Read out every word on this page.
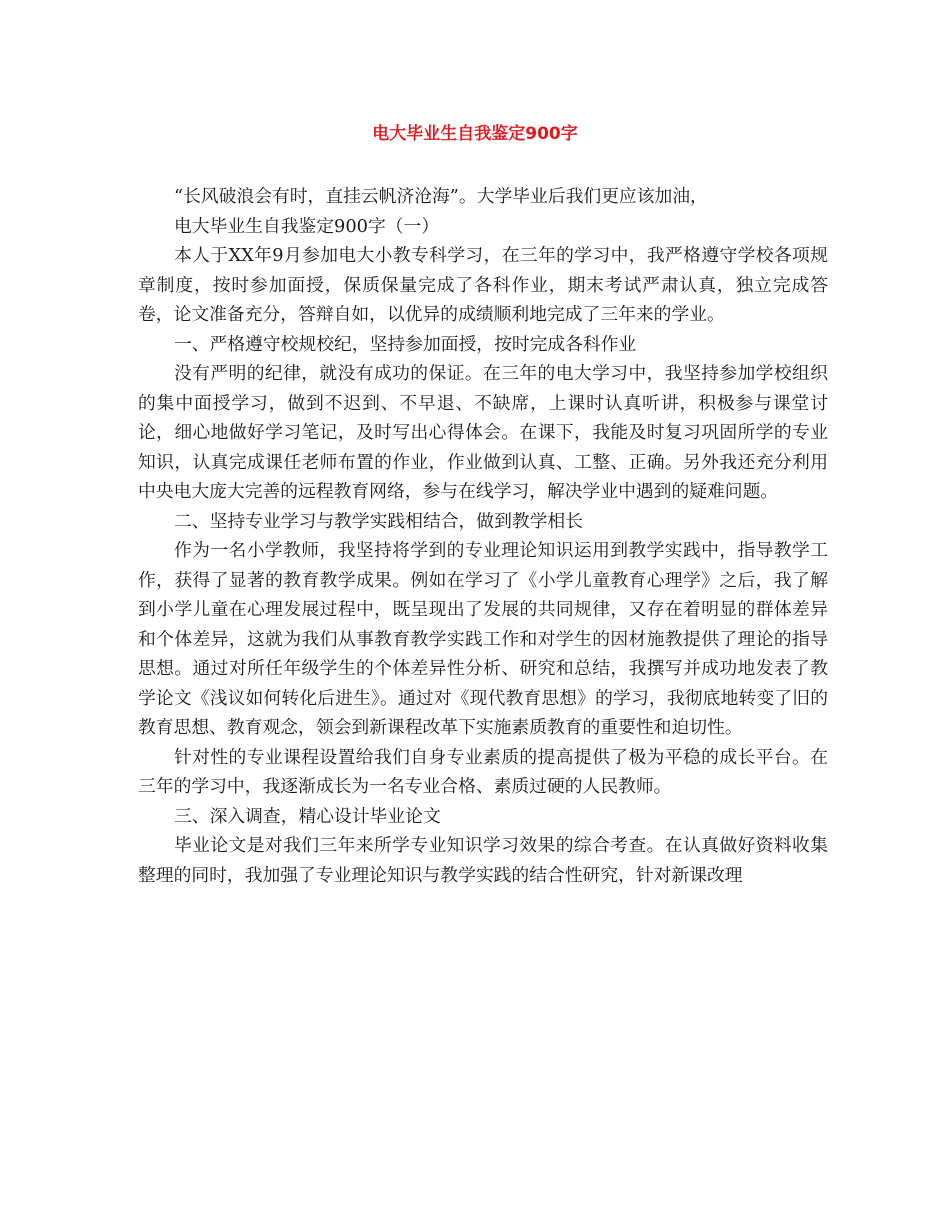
电大毕业生自我鉴定900字

“长风破浪会有时，直挂云帆济沧海”。大学毕业后我们更应该加油，

电大毕业生自我鉴定900字（一）

本人于XX年9月参加电大小教专科学习，在三年的学习中，我严格遵守学校各项规章制度，按时参加面授，保质保量完成了各科作业，期末考试严肃认真，独立完成答卷，论文准备充分，答辩自如，以优异的成绩顺利地完成了三年来的学业。

一、严格遵守校规校纪，坚持参加面授，按时完成各科作业

没有严明的纪律，就没有成功的保证。在三年的电大学习中，我坚持参加学校组织的集中面授学习，做到不迟到、不早退、不缺席，上课时认真听讲，积极参与课堂讨论，细心地做好学习笔记，及时写出心得体会。在课下，我能及时复习巩固所学的专业知识，认真完成课任老师布置的作业，作业做到认真、工整、正确。另外我还充分利用中央电大庞大完善的远程教育网络，参与在线学习，解决学业中遇到的疑难问题。

二、坚持专业学习与教学实践相结合，做到教学相长

作为一名小学教师，我坚持将学到的专业理论知识运用到教学实践中，指导教学工作，获得了显著的教育教学成果。例如在学习了《小学儿童教育心理学》之后，我了解到小学儿童在心理发展过程中，既呈现出了发展的共同规律，又存在着明显的群体差异和个体差异，这就为我们从事教育教学实践工作和对学生的因材施教提供了理论的指导思想。通过对所任年级学生的个体差异性分析、研究和总结，我撰写并成功地发表了教学论文《浅议如何转化后进生》。通过对《现代教育思想》的学习，我彻底地转变了旧的教育思想、教育观念，领会到新课程改革下实施素质教育的重要性和迫切性。

针对性的专业课程设置给我们自身专业素质的提高提供了极为平稳的成长平台。在三年的学习中，我逐渐成长为一名专业合格、素质过硬的人民教师。

三、深入调查，精心设计毕业论文

毕业论文是对我们三年来所学专业知识学习效果的综合考查。在认真做好资料收集整理的同时，我加强了专业理论知识与教学实践的结合性研究，针对新课改理
